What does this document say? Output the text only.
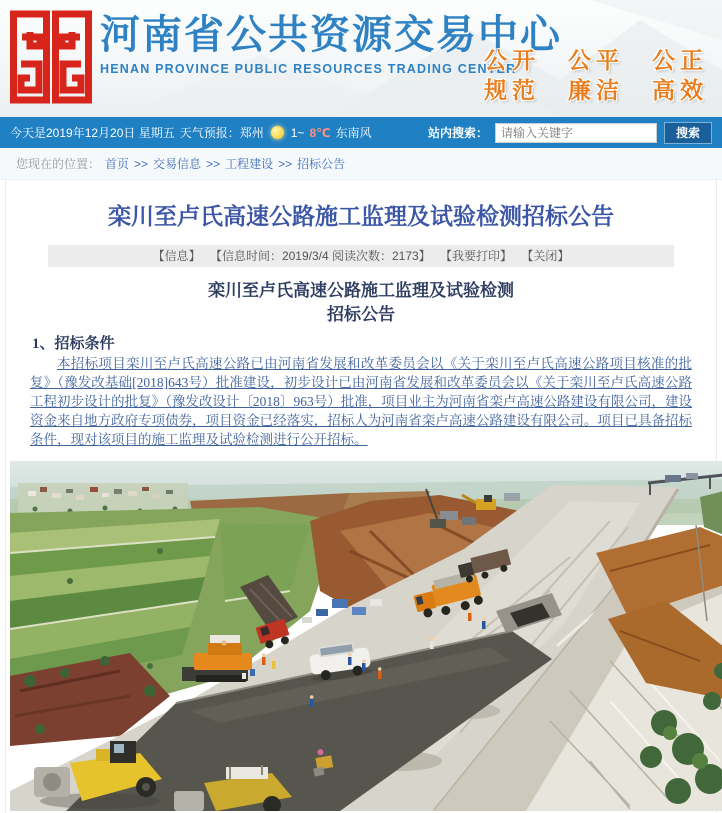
河南省公共资源交易中心
HENAN PROVINCE PUBLIC RESOURCES TRADING CENTER
公开　公平　公正
规范　廉洁　高效
今天是2019年12月20日 星期五 天气预报：郑州 1~ 8℃ 东南风	站内搜索：
请输入关键字	搜索
您现在的位置： 首页 >> 交易信息 >> 工程建设 >> 招标公告
栾川至卢氏高速公路施工监理及试验检测招标公告
【信息】 【信息时间：2019/3/4 阅读次数：2173】 【我要打印】 【关闭】
栾川至卢氏高速公路施工监理及试验检测
招标公告
1、招标条件
本招标项目栾川至卢氏高速公路已由河南省发展和改革委员会以《关于栾川至卢氏高速公路项目核准的批复》（豫发改基础[2018]643号）批准建设，初步设计已由河南省发展和改革委员会以《关于栾川至卢氏高速公路工程初步设计的批复》（豫发改设计〔2018〕963号）批准，项目业主为河南省栾卢高速公路建设有限公司，建设资金来自地方政府专项债券，项目资金已经落实，招标人为河南省栾卢高速公路建设有限公司。项目已具备招标条件，现对该项目的施工监理及试验检测进行公开招标。
